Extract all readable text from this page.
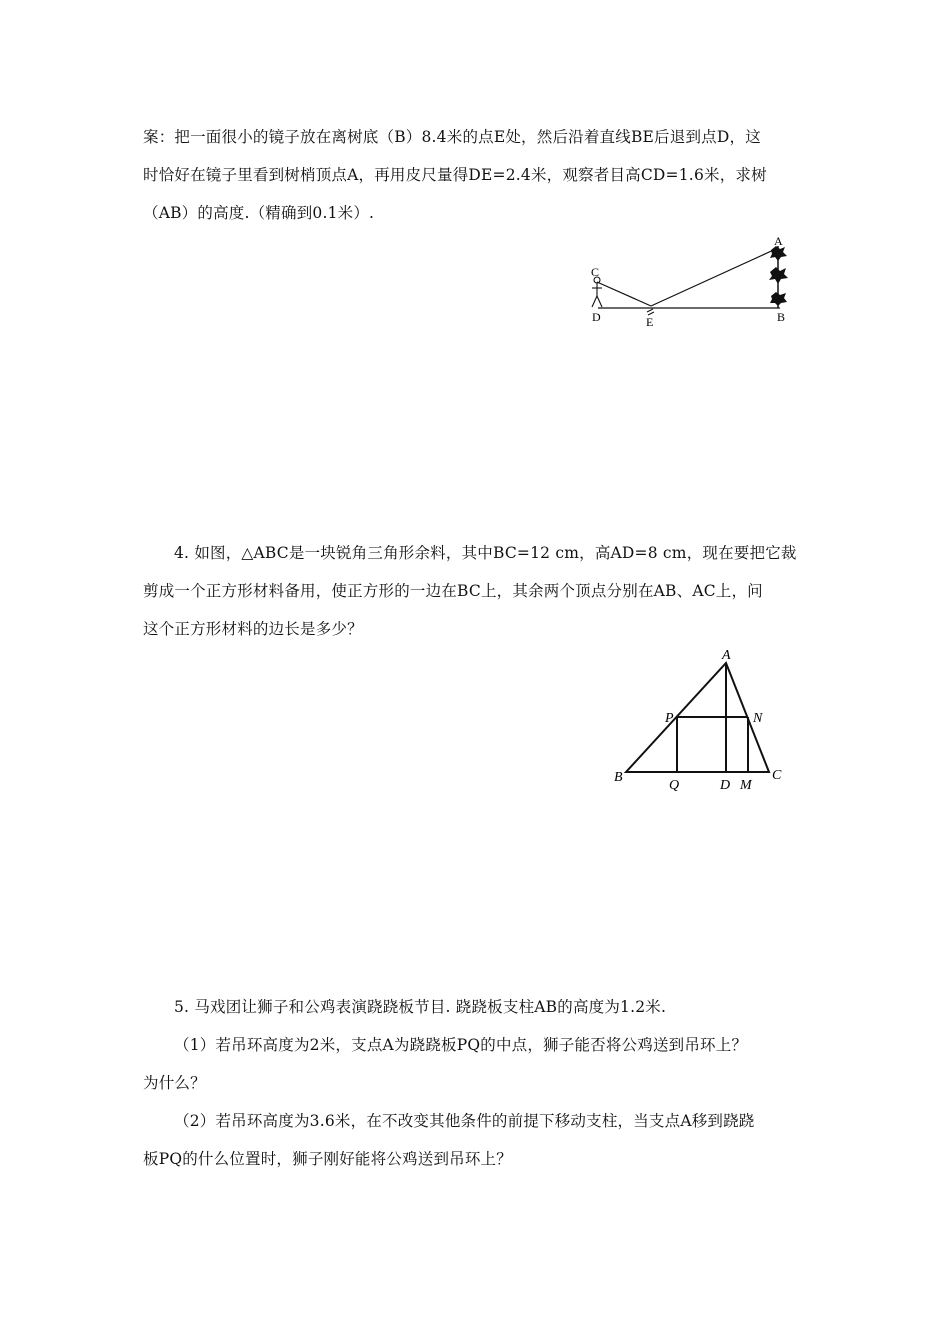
案：把一面很小的镜子放在离树底（B）8.4米的点E处，然后沿着直线BE后退到点D，这
时恰好在镜子里看到树梢顶点A，再用皮尺量得DE=2.4米，观察者目高CD=1.6米，求树
（AB）的高度.（精确到0.1米）.
C
D	E
A
B
4. 如图，△ABC是一块锐角三角形余料，其中BC=12 cm，高AD=8 cm，现在要把它裁
剪成一个正方形材料备用，使正方形的一边在BC上，其余两个顶点分别在AB、AC上，问
这个正方形材料的边长是多少？
A
B	C
P	N
Q	D M
5. 马戏团让狮子和公鸡表演跷跷板节目. 跷跷板支柱AB的高度为1.2米.
（1）若吊环高度为2米，支点A为跷跷板PQ的中点，狮子能否将公鸡送到吊环上？
为什么？
（2）若吊环高度为3.6米，在不改变其他条件的前提下移动支柱，当支点A移到跷跷
板PQ的什么位置时，狮子刚好能将公鸡送到吊环上？
